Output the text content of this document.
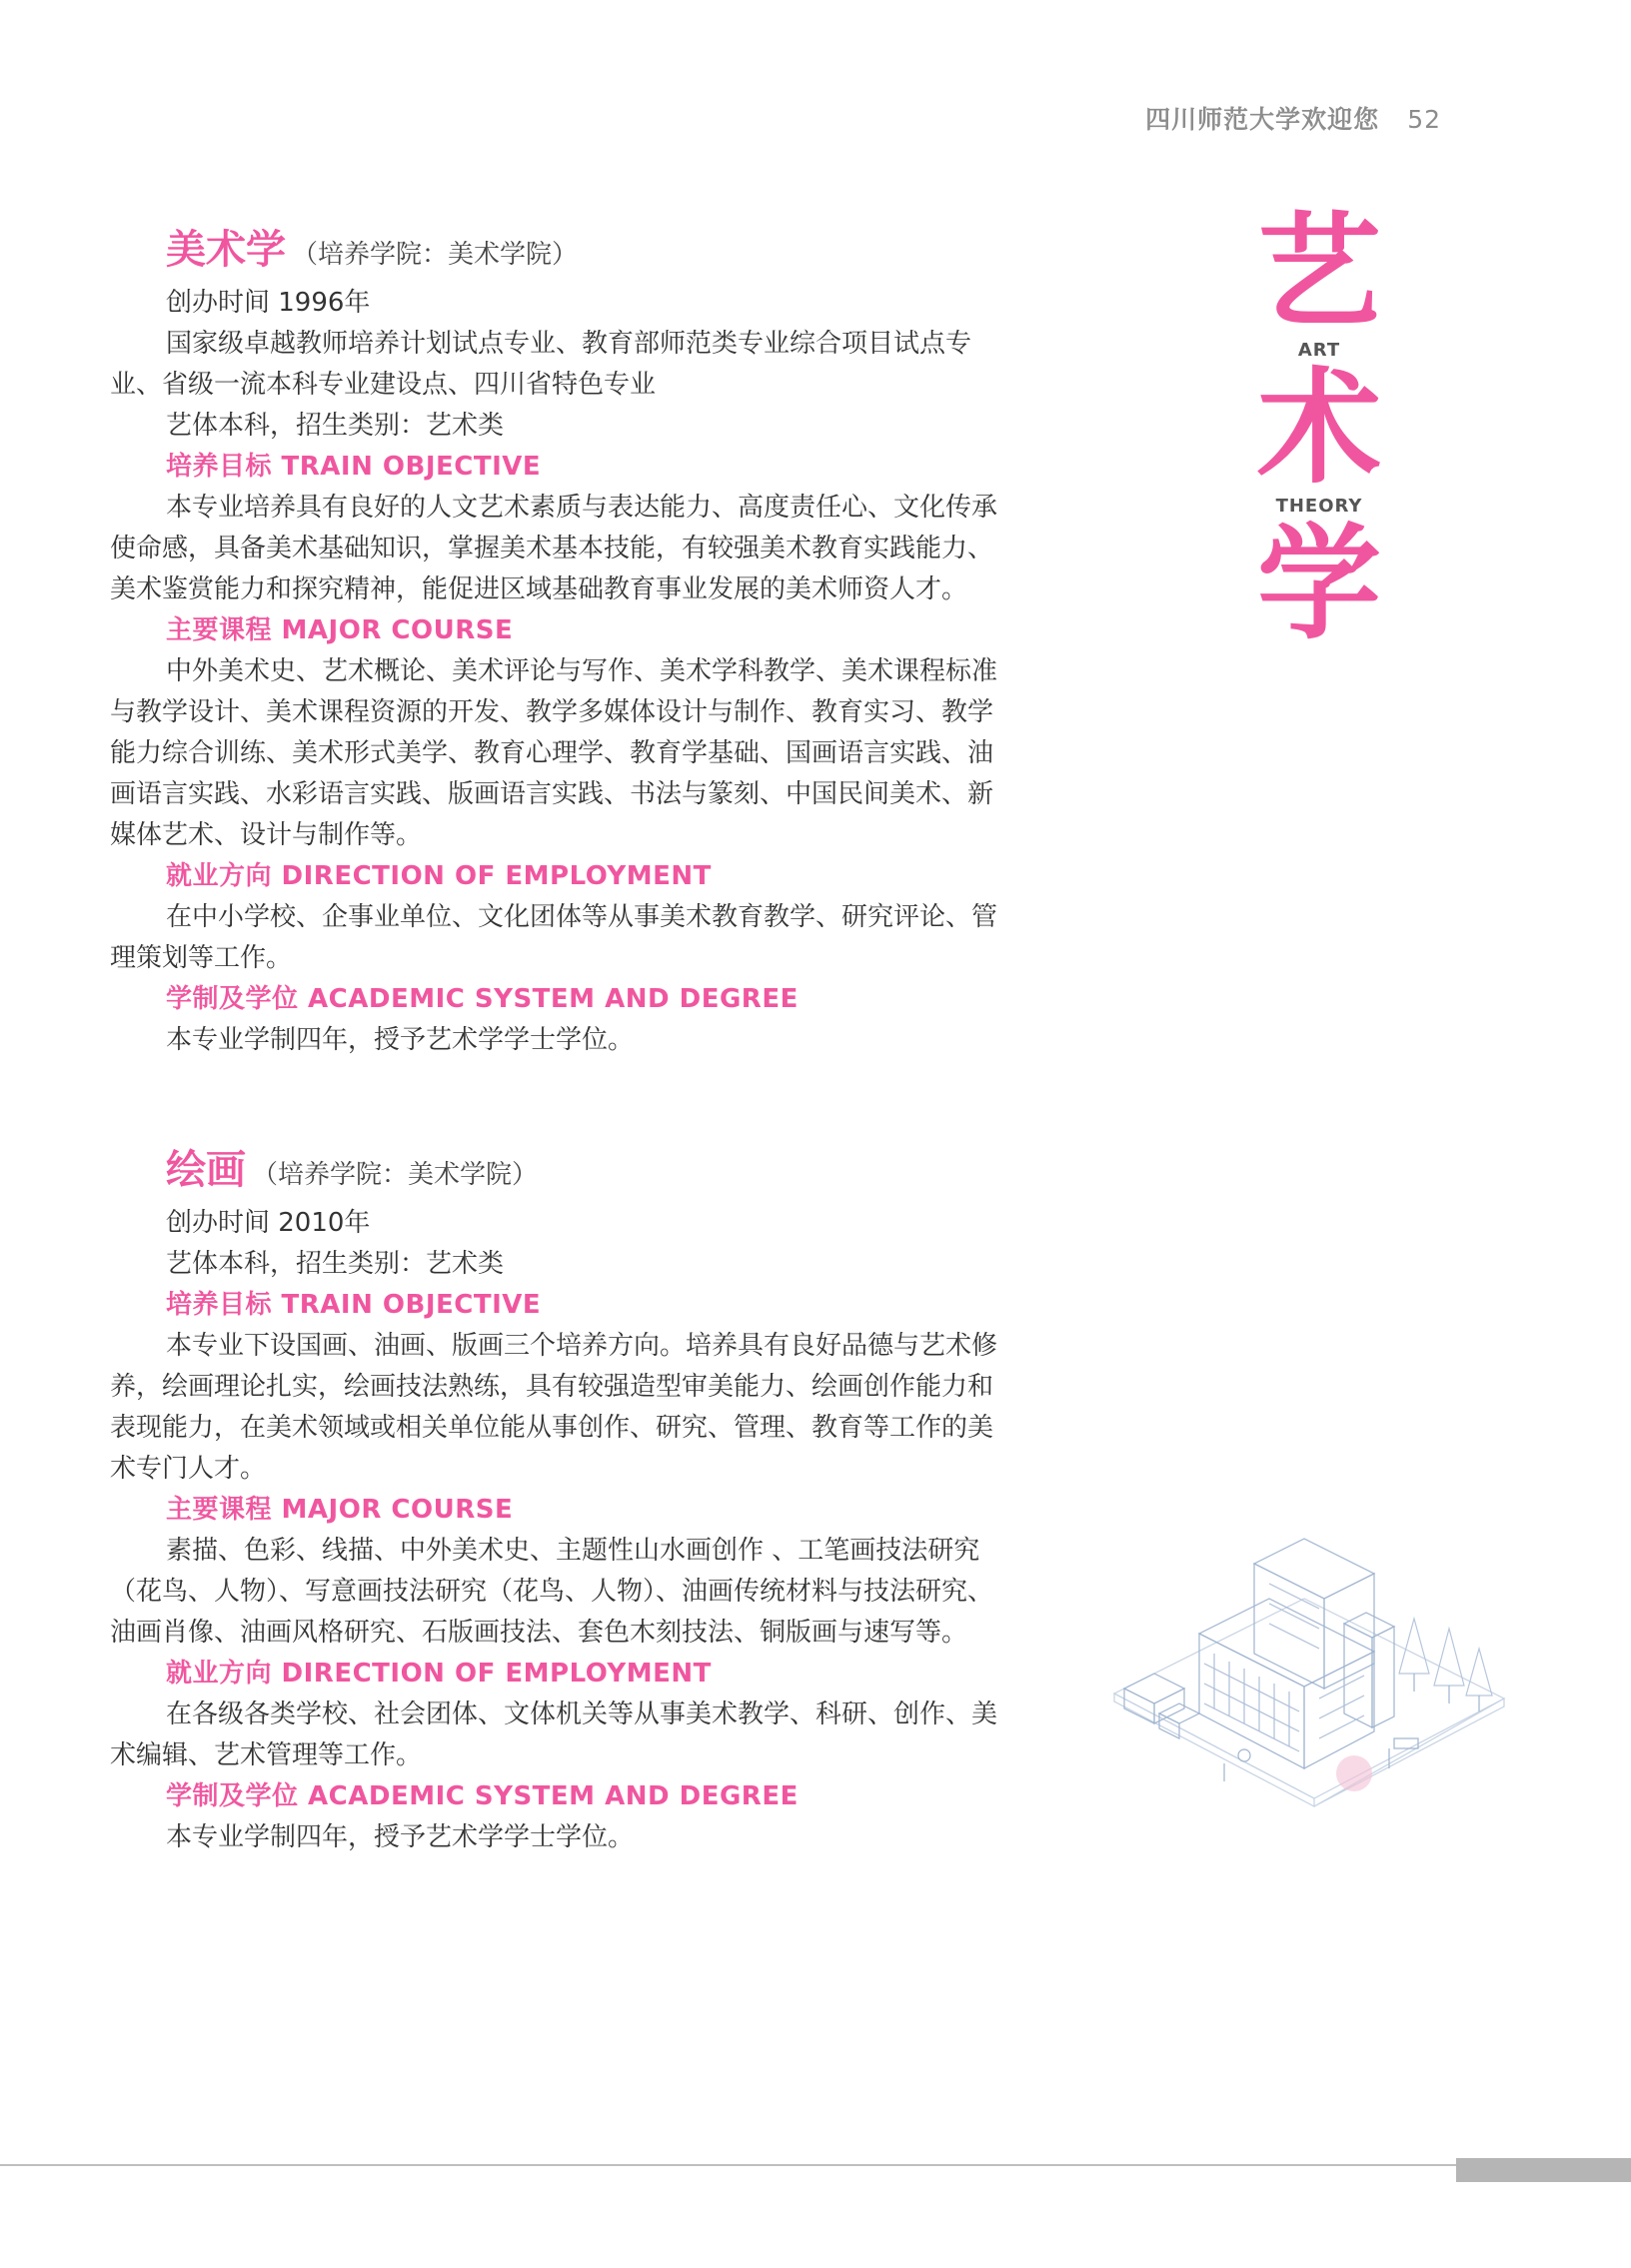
四川师范大学欢迎您 52

美术学 （培养学院：美术学院）

创办时间 1996年

国家级卓越教师培养计划试点专业、教育部师范类专业综合项目试点专业、省级一流本科专业建设点、四川省特色专业

艺体本科，招生类别：艺术类

培养目标 TRAIN OBJECTIVE

本专业培养具有良好的人文艺术素质与表达能力、高度责任心、文化传承使命感，具备美术基础知识，掌握美术基本技能，有较强美术教育实践能力、美术鉴赏能力和探究精神，能促进区域基础教育事业发展的美术师资人才。

主要课程 MAJOR COURSE

中外美术史、艺术概论、美术评论与写作、美术学科教学、美术课程标准与教学设计、美术课程资源的开发、教学多媒体设计与制作、教育实习、教学能力综合训练、美术形式美学、教育心理学、教育学基础、国画语言实践、油画语言实践、水彩语言实践、版画语言实践、书法与篆刻、中国民间美术、新媒体艺术、设计与制作等。

就业方向 DIRECTION OF EMPLOYMENT

在中小学校、企事业单位、文化团体等从事美术教育教学、研究评论、管理策划等工作。

学制及学位 ACADEMIC SYSTEM AND DEGREE

本专业学制四年，授予艺术学学士学位。

绘画 （培养学院：美术学院）

创办时间 2010年

艺体本科，招生类别：艺术类

培养目标 TRAIN OBJECTIVE

本专业下设国画、油画、版画三个培养方向。培养具有良好品德与艺术修养，绘画理论扎实，绘画技法熟练，具有较强造型审美能力、绘画创作能力和表现能力，在美术领域或相关单位能从事创作、研究、管理、教育等工作的美术专门人才。

主要课程 MAJOR COURSE

素描、色彩、线描、中外美术史、主题性山水画创作 、工笔画技法研究（花鸟、人物）、写意画技法研究（花鸟、人物）、油画传统材料与技法研究、油画肖像、油画风格研究、石版画技法、套色木刻技法、铜版画与速写等。

就业方向 DIRECTION OF EMPLOYMENT

在各级各类学校、社会团体、文体机关等从事美术教学、科研、创作、美术编辑、艺术管理等工作。

学制及学位 ACADEMIC SYSTEM AND DEGREE

本专业学制四年，授予艺术学学士学位。

艺
ART
术
THEORY
学
